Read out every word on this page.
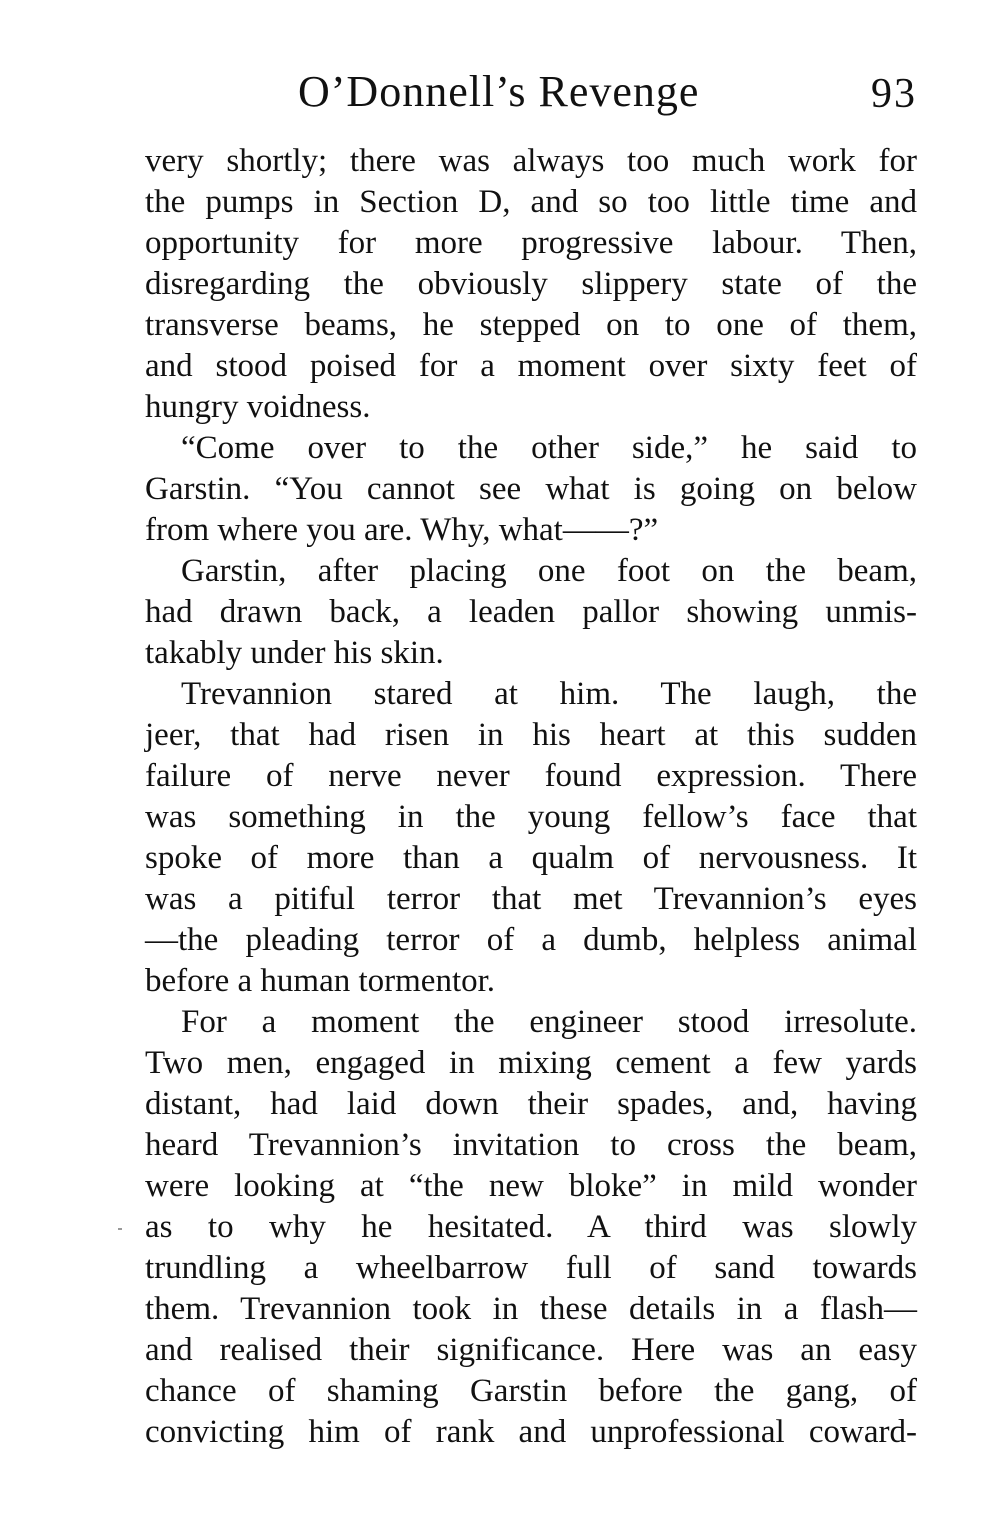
O’Donnell’s Revenge	93
very shortly; there was always too much work for
the pumps in Section D, and so too little time and
opportunity for more progressive labour. Then,
disregarding the obviously slippery state of the
transverse beams, he stepped on to one of them,
and stood poised for a moment over sixty feet of
hungry voidness.
“Come over to the other side,” he said to
Garstin. “You cannot see what is going on below
from where you are. Why, what——?”
Garstin, after placing one foot on the beam,
had drawn back, a leaden pallor showing unmis-
takably under his skin.
Trevannion stared at him. The laugh, the
jeer, that had risen in his heart at this sudden
failure of nerve never found expression. There
was something in the young fellow’s face that
spoke of more than a qualm of nervousness. It
was a pitiful terror that met Trevannion’s eyes
—the pleading terror of a dumb, helpless animal
before a human tormentor.
For a moment the engineer stood irresolute.
Two men, engaged in mixing cement a few yards
distant, had laid down their spades, and, having
heard Trevannion’s invitation to cross the beam,
were looking at “the new bloke” in mild wonder
as to why he hesitated. A third was slowly
trundling a wheelbarrow full of sand towards
them. Trevannion took in these details in a flash—
and realised their significance. Here was an easy
chance of shaming Garstin before the gang, of
convicting him of rank and unprofessional coward-
